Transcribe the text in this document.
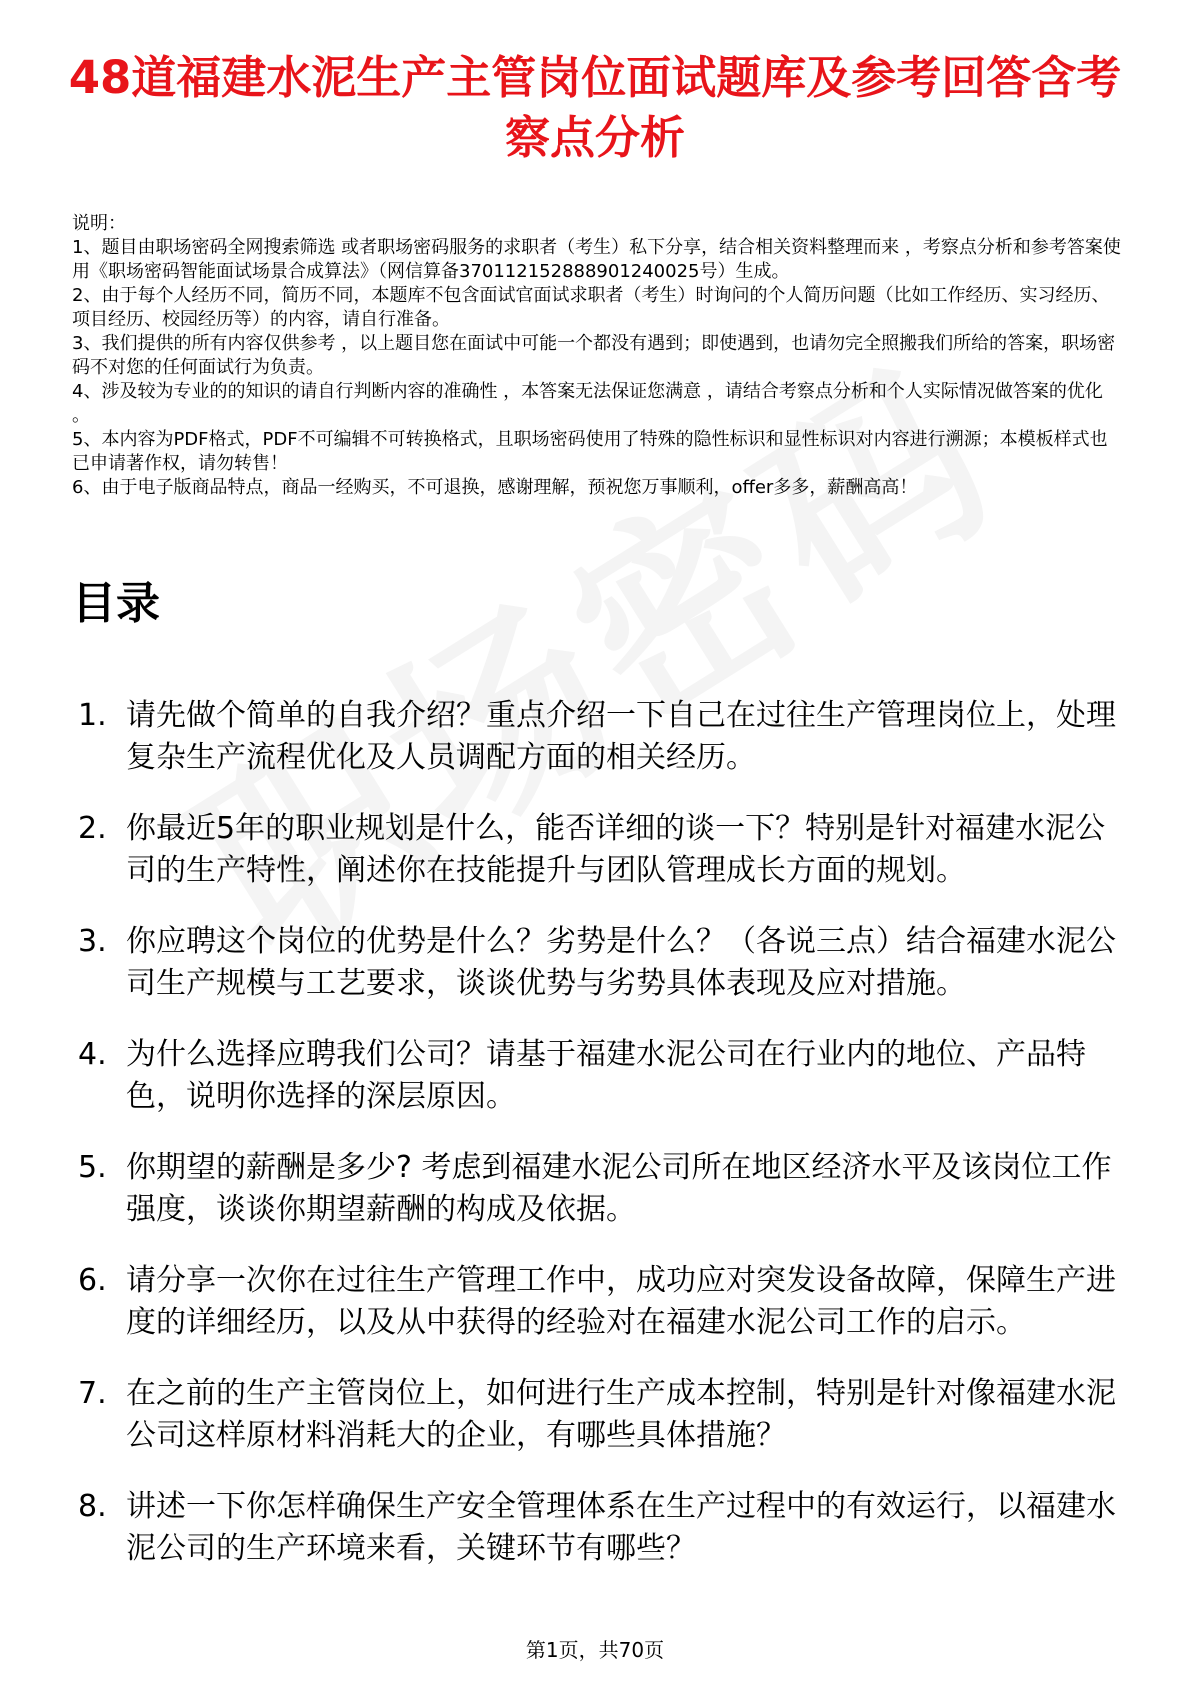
48道福建水泥生产主管岗位面试题库及参考回答含考察点分析

说明：

1、题目由职场密码全网搜索筛选 或者职场密码服务的求职者（考生）私下分享，结合相关资料整理而来 ，考察点分析和参考答案使用《职场密码智能面试场景合成算法》（网信算备370112152888901240025号）生成。

2、由于每个人经历不同，简历不同，本题库不包含面试官面试求职者（考生）时询问的个人简历问题（比如工作经历、实习经历、项目经历、校园经历等）的内容，请自行准备。

3、我们提供的所有内容仅供参考 ，以上题目您在面试中可能一个都没有遇到；即使遇到，也请勿完全照搬我们所给的答案，职场密码不对您的任何面试行为负责。

4、涉及较为专业的的知识的请自行判断内容的准确性 ，本答案无法保证您满意 ，请结合考察点分析和个人实际情况做答案的优化 。

5、本内容为PDF格式，PDF不可编辑不可转换格式，且职场密码使用了特殊的隐性标识和显性标识对内容进行溯源；本模板样式也已申请著作权，请勿转售！

6、由于电子版商品特点，商品一经购买，不可退换，感谢理解，预祝您万事顺利，offer多多，薪酬高高！

目录
1. 请先做个简单的自我介绍？重点介绍一下自己在过往生产管理岗位上，处理复杂生产流程优化及人员调配方面的相关经历。
2. 你最近5年的职业规划是什么，能否详细的谈一下？特别是针对福建水泥公司的生产特性，阐述你在技能提升与团队管理成长方面的规划。
3. 你应聘这个岗位的优势是什么？劣势是什么？（各说三点）结合福建水泥公司生产规模与工艺要求，谈谈优势与劣势具体表现及应对措施。
4. 为什么选择应聘我们公司？请基于福建水泥公司在行业内的地位、产品特色，说明你选择的深层原因。
5. 你期望的薪酬是多少? 考虑到福建水泥公司所在地区经济水平及该岗位工作强度，谈谈你期望薪酬的构成及依据。
6. 请分享一次你在过往生产管理工作中，成功应对突发设备故障，保障生产进度的详细经历，以及从中获得的经验对在福建水泥公司工作的启示。
7. 在之前的生产主管岗位上，如何进行生产成本控制，特别是针对像福建水泥公司这样原材料消耗大的企业，有哪些具体措施？
8. 讲述一下你怎样确保生产安全管理体系在生产过程中的有效运行，以福建水泥公司的生产环境来看，关键环节有哪些？
第1页，共70页
